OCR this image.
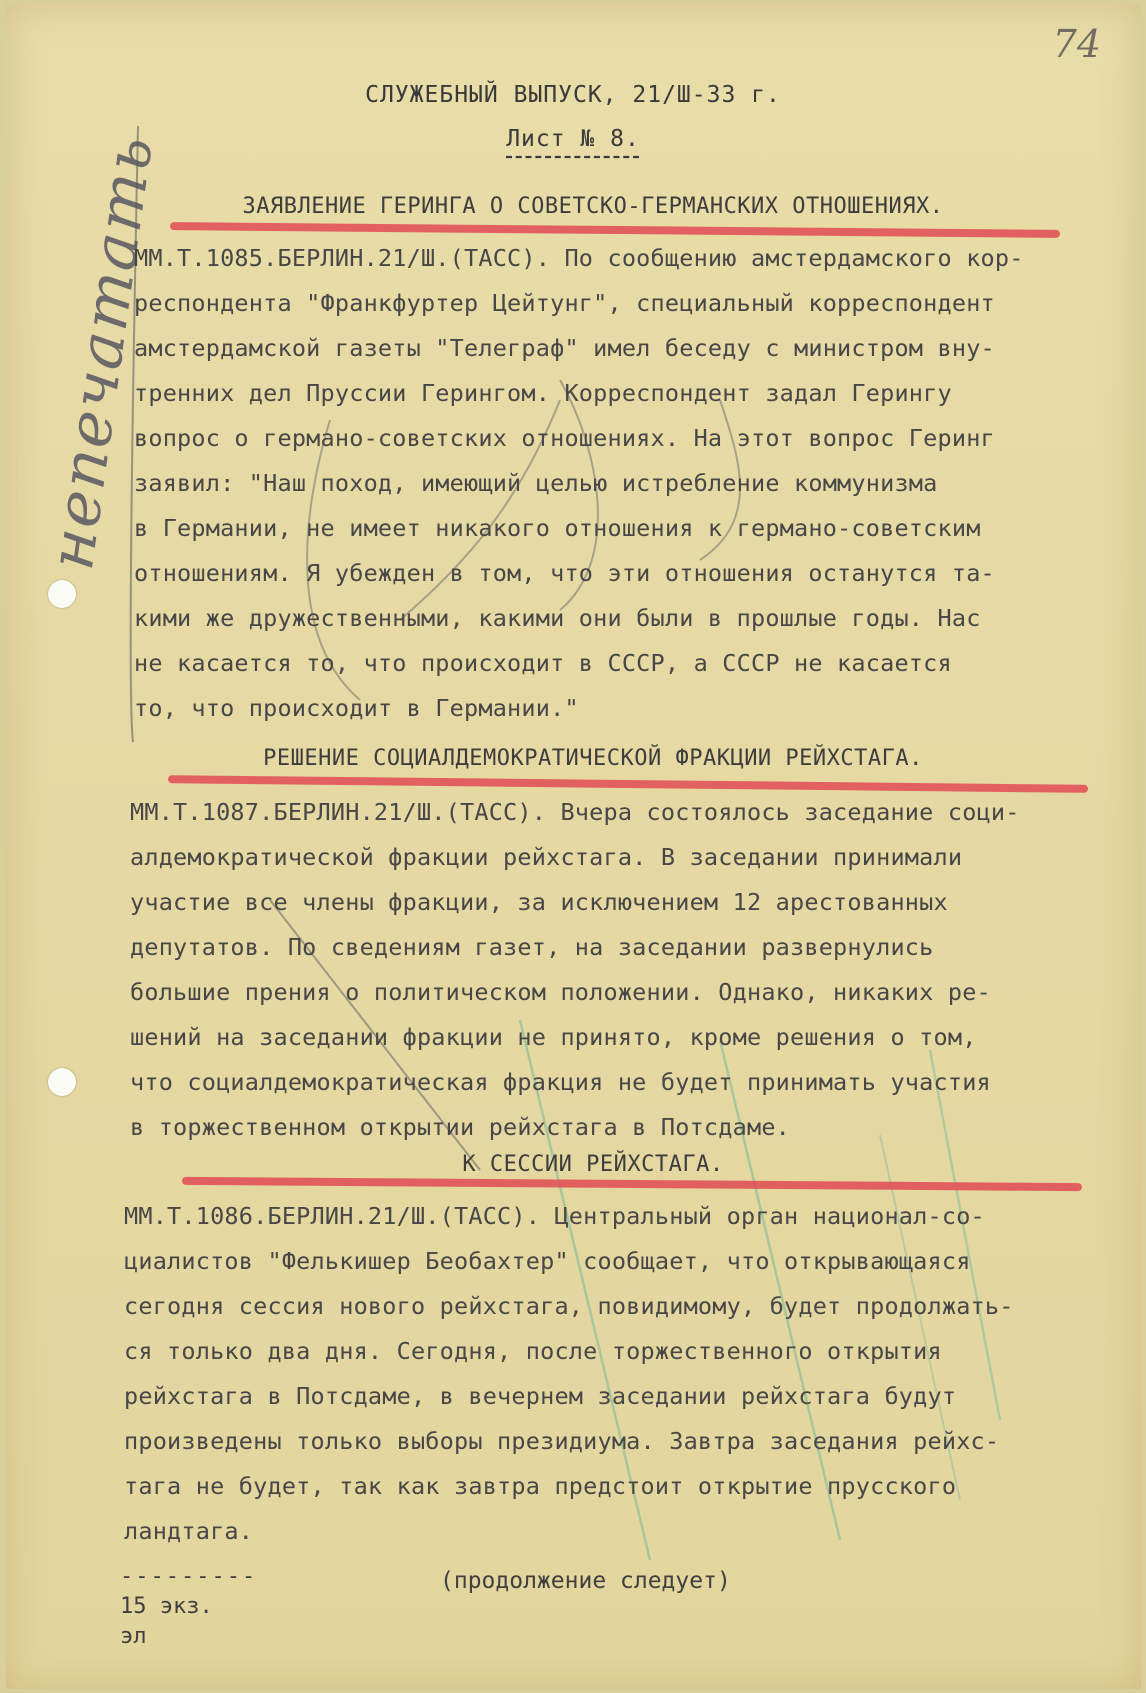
74
непечатать
СЛУЖЕБНЫЙ ВЫПУСК, 21/Ш-33 г.
Лист № 8.
ЗАЯВЛЕНИЕ ГЕРИНГА О СОВЕТСКО-ГЕРМАНСКИХ ОТНОШЕНИЯХ.
ММ.Т.1085.БЕРЛИН.21/Ш.(ТАСС). По сообщению амстердамского кор-
респондента "Франкфуртер Цейтунг", специальный корреспондент
амстердамской газеты "Телеграф" имел беседу с министром вну-
тренних дел Пруссии Герингом. Корреспондент задал Герингу
вопрос о германо-советских отношениях. На этот вопрос Геринг
заявил: "Наш поход, имеющий целью истребление коммунизма
в Германии, не имеет никакого отношения к германо-советским
отношениям. Я убежден в том, что эти отношения останутся та-
кими же дружественными, какими они были в прошлые годы. Нас
не касается то, что происходит в СССР, а СССР не касается
то, что происходит в Германии."
РЕШЕНИЕ СОЦИАЛДЕМОКРАТИЧЕСКОЙ ФРАКЦИИ РЕЙХСТАГА.
ММ.Т.1087.БЕРЛИН.21/Ш.(ТАСС). Вчера состоялось заседание соци-
алдемократической фракции рейхстага. В заседании принимали
участие все члены фракции, за исключением 12 арестованных
депутатов. По сведениям газет, на заседании развернулись
большие прения о политическом положении. Однако, никаких ре-
шений на заседании фракции не принято, кроме решения о том,
что социалдемократическая фракция не будет принимать участия
в торжественном открытии рейхстага в Потсдаме.
К СЕССИИ РЕЙХСТАГА.
ММ.Т.1086.БЕРЛИН.21/Ш.(ТАСС). Центральный орган национал-со-
циалистов "Фелькишер Беобахтер" сообщает, что открывающаяся
сегодня сессия нового рейхстага, повидимому, будет продолжать-
ся только два дня. Сегодня, после торжественного открытия
рейхстага в Потсдаме, в вечернем заседании рейхстага будут
произведены только выборы президиума. Завтра заседания рейхс-
тага не будет, так как завтра предстоит открытие прусского
ландтага.
---------
15 экз.
эл
(продолжение следует)
